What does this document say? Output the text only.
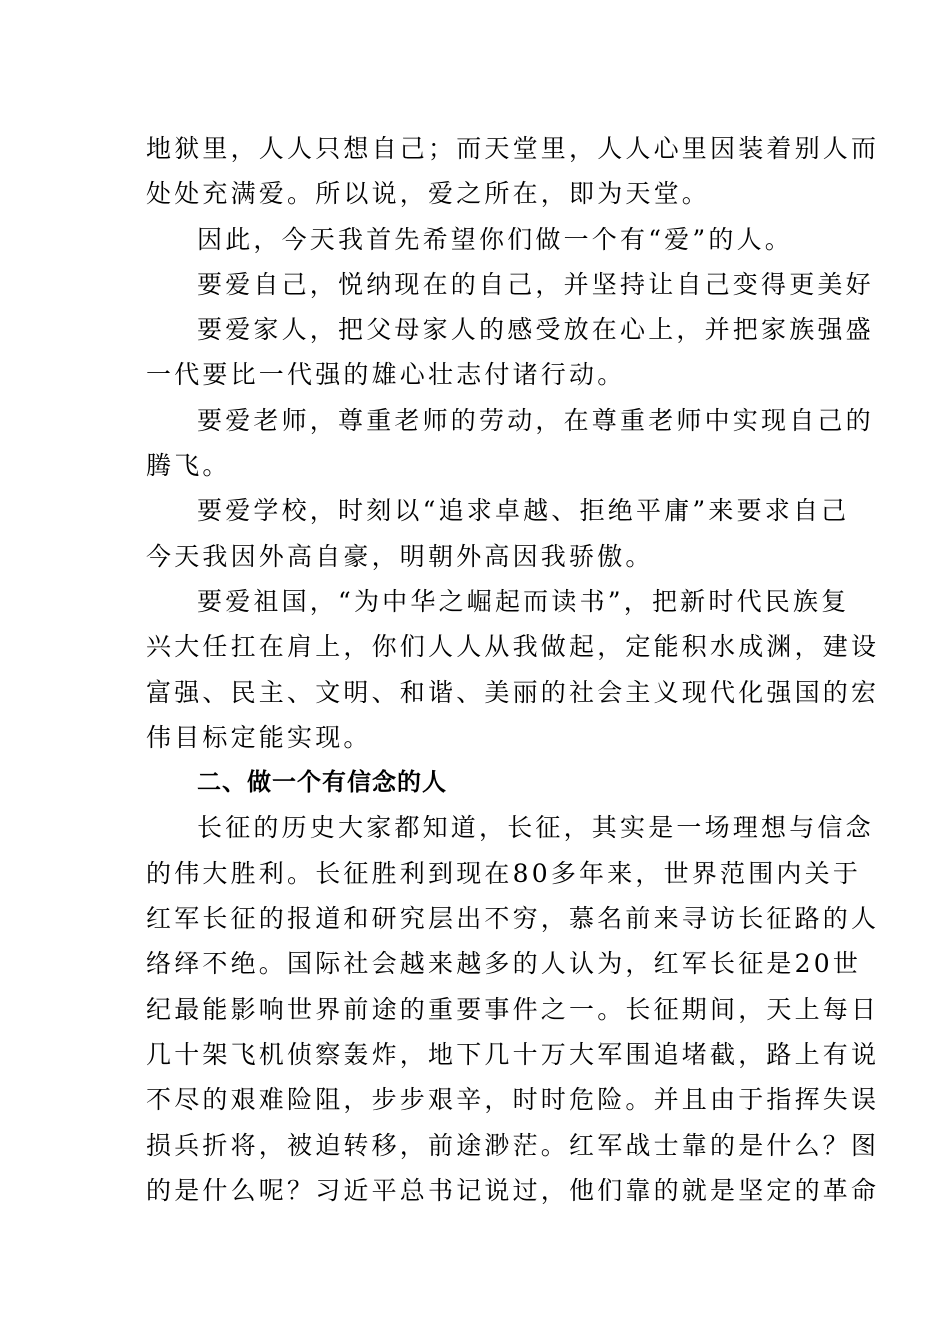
地狱里，人人只想自己；而天堂里，人人心里因装着别人而
处处充满爱。所以说，爱之所在，即为天堂。
因此，今天我首先希望你们做一个有“爱”的人。
要爱自己，悦纳现在的自己，并坚持让自己变得更美好
要爱家人，把父母家人的感受放在心上，并把家族强盛
一代要比一代强的雄心壮志付诸行动。
要爱老师，尊重老师的劳动，在尊重老师中实现自己的
腾飞。
要爱学校，时刻以“追求卓越、拒绝平庸”来要求自己
今天我因外高自豪，明朝外高因我骄傲。
要爱祖国，“为中华之崛起而读书”，把新时代民族复
兴大任扛在肩上，你们人人从我做起，定能积水成渊，建设
富强、民主、文明、和谐、美丽的社会主义现代化强国的宏
伟目标定能实现。
二、做一个有信念的人
长征的历史大家都知道，长征，其实是一场理想与信念
的伟大胜利。长征胜利到现在80多年来，世界范围内关于
红军长征的报道和研究层出不穷，慕名前来寻访长征路的人
络绎不绝。国际社会越来越多的人认为，红军长征是20世
纪最能影响世界前途的重要事件之一。长征期间，天上每日
几十架飞机侦察轰炸，地下几十万大军围追堵截，路上有说
不尽的艰难险阻，步步艰辛，时时危险。并且由于指挥失误
损兵折将，被迫转移，前途渺茫。红军战士靠的是什么？图
的是什么呢？习近平总书记说过，他们靠的就是坚定的革命
